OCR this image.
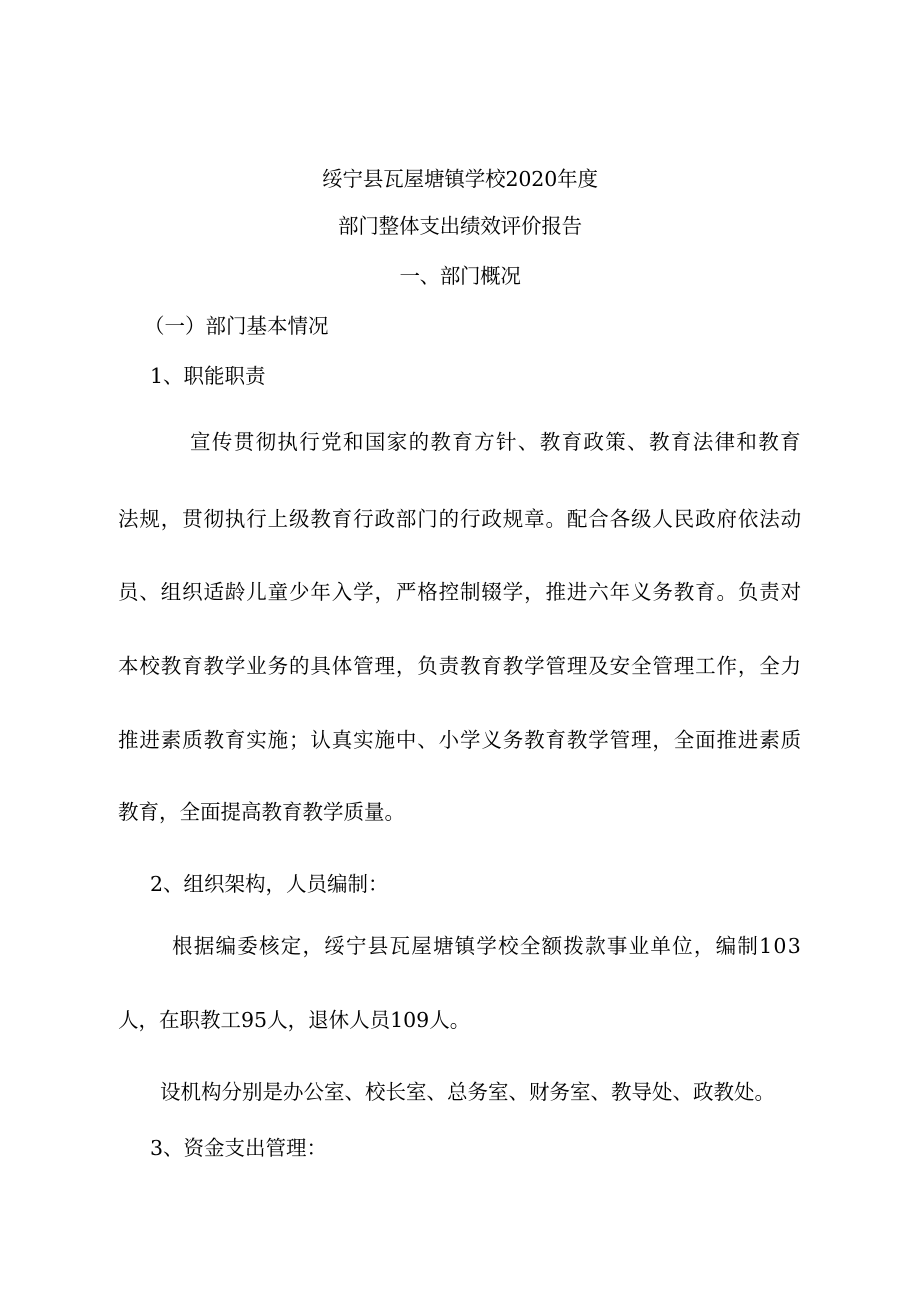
绥宁县瓦屋塘镇学校2020年度

部门整体支出绩效评价报告

一、部门概况

（一）部门基本情况

1、职能职责

宣传贯彻执行党和国家的教育方针、教育政策、教育法律和教育

法规，贯彻执行上级教育行政部门的行政规章。配合各级人民政府依法动

员、组织适龄儿童少年入学，严格控制辍学，推进六年义务教育。负责对

本校教育教学业务的具体管理，负责教育教学管理及安全管理工作，全力

推进素质教育实施；认真实施中、小学义务教育教学管理，全面推进素质

教育，全面提高教育教学质量。

2、组织架构，人员编制：

根据编委核定，绥宁县瓦屋塘镇学校全额拨款事业单位，编制103

人，在职教工95人，退休人员109人。

设机构分别是办公室、校长室、总务室、财务室、教导处、政教处。

3、资金支出管理：
